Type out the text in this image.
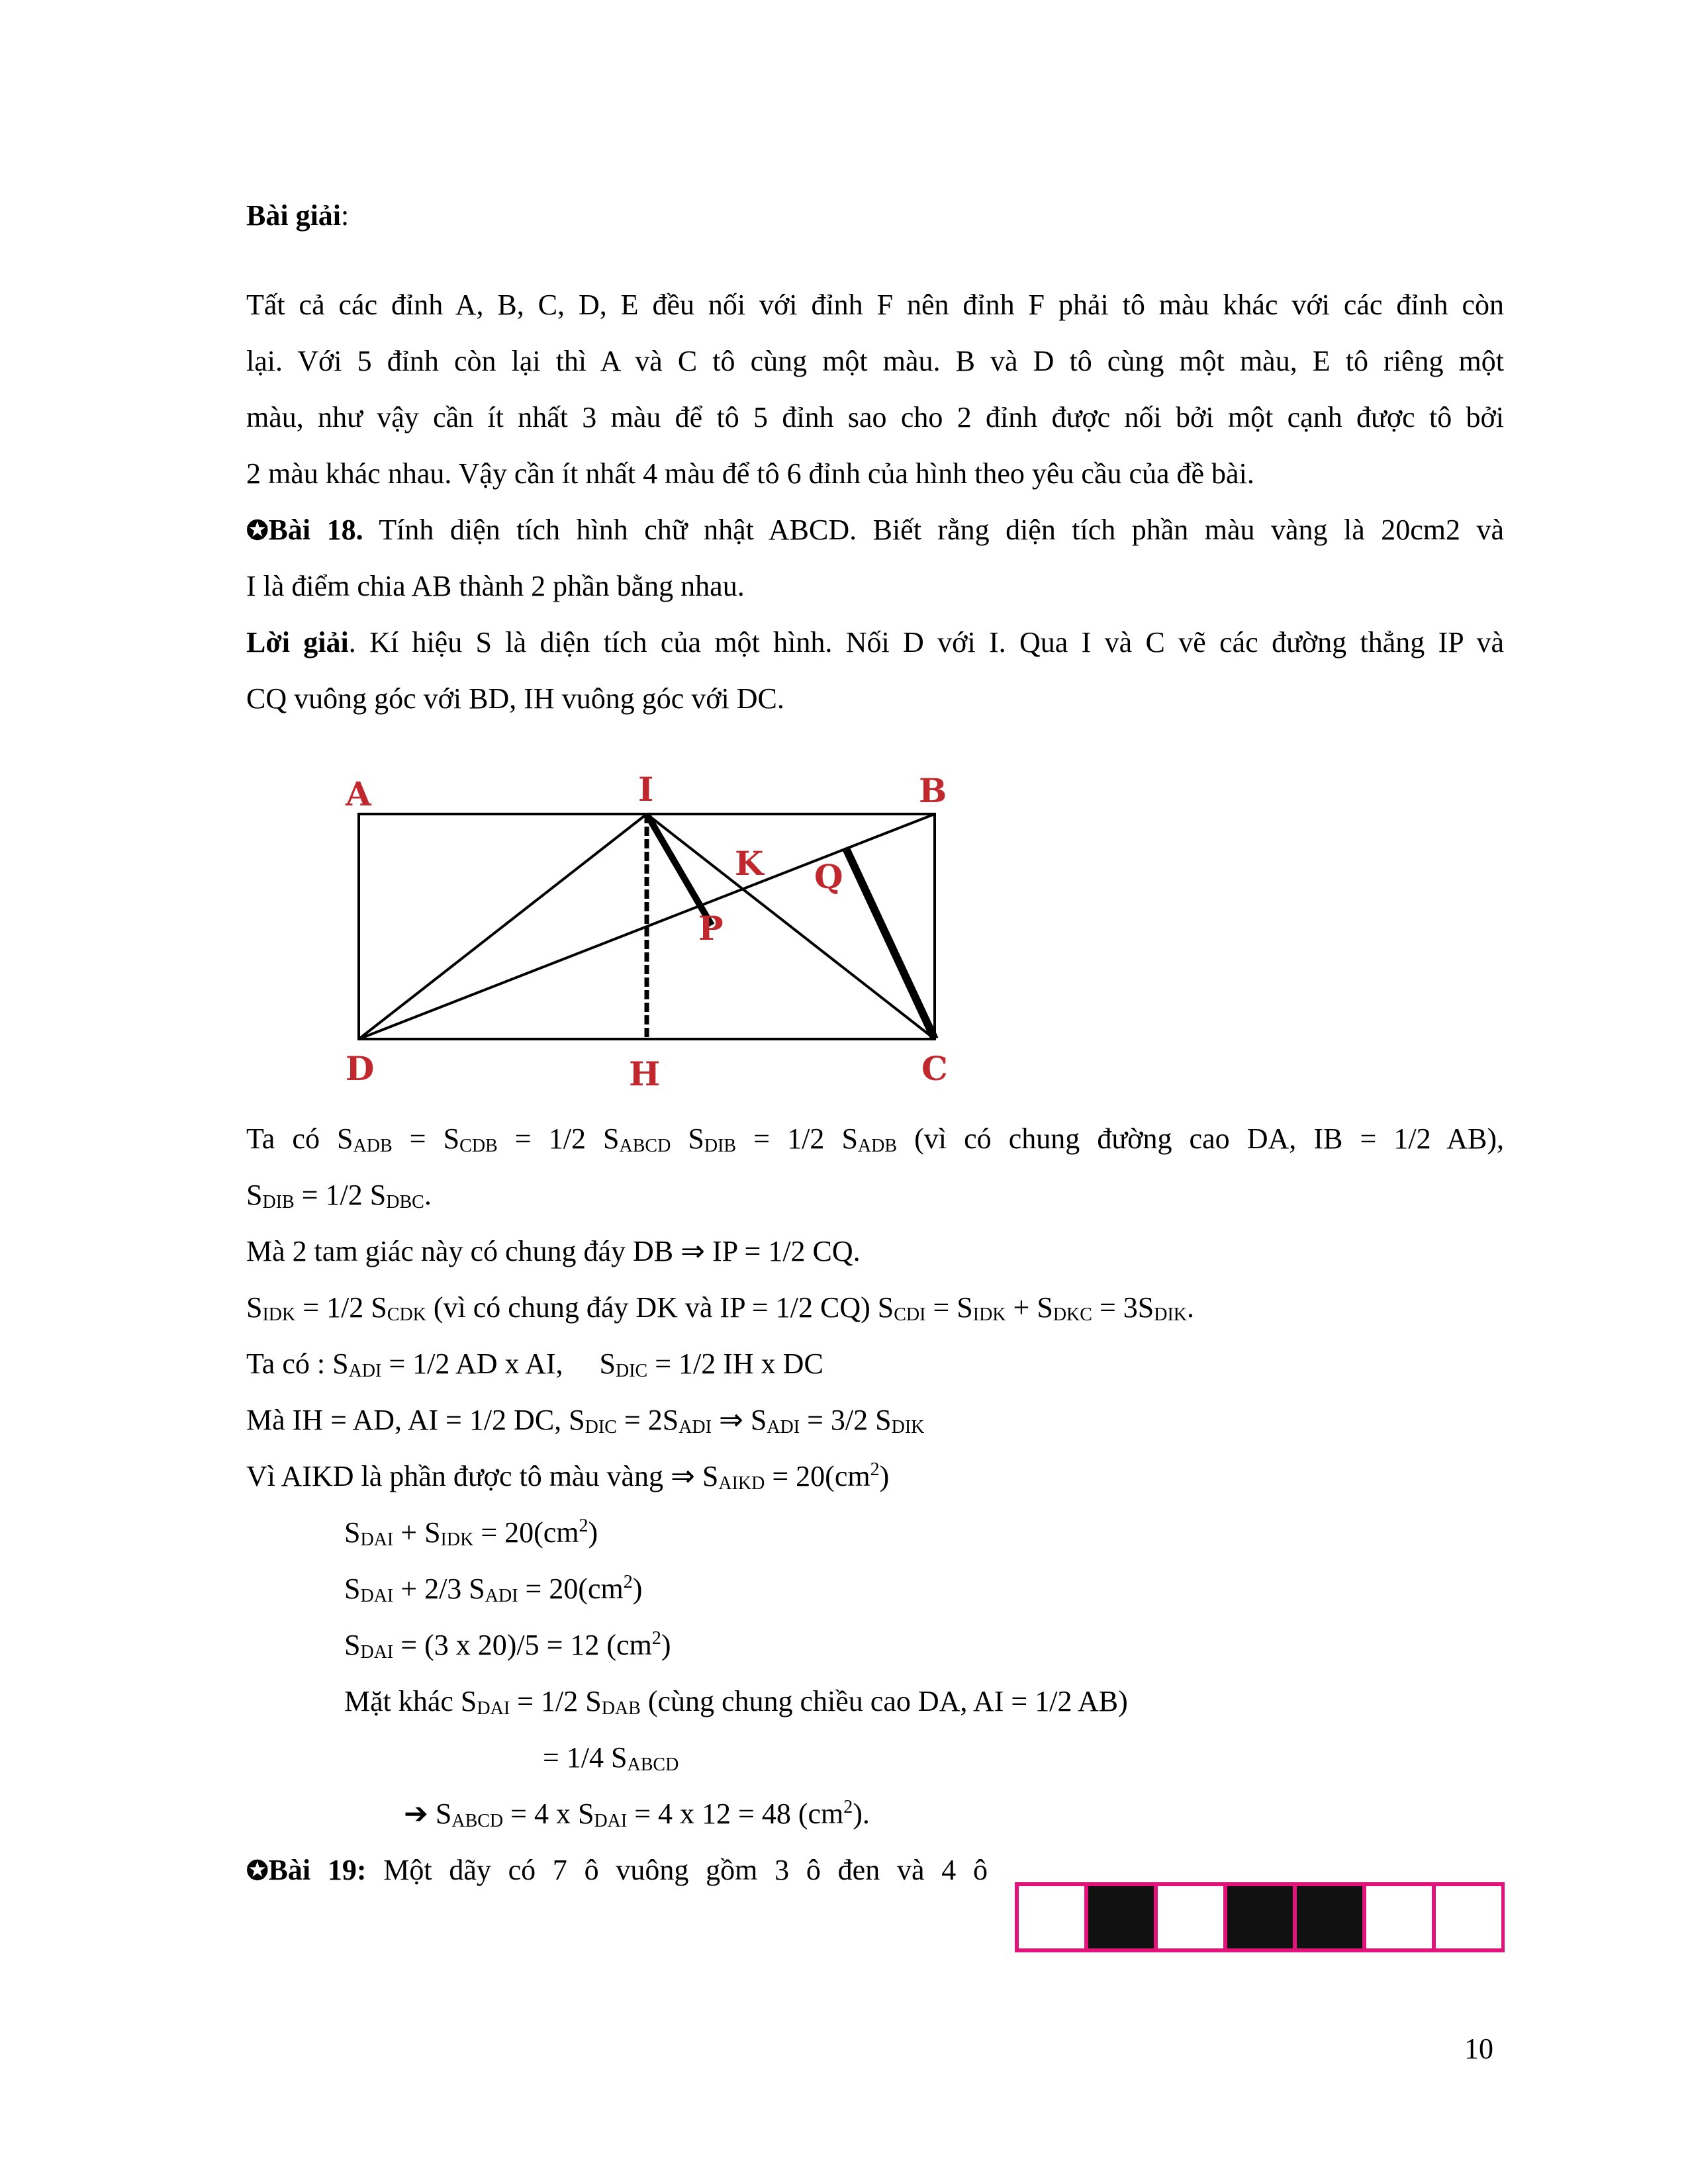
Bài giải:
Tất cả các đỉnh A, B, C, D, E đều nối với đỉnh F nên đỉnh F phải tô màu khác với các đỉnh còn
lại. Với 5 đỉnh còn lại thì A và C tô cùng một màu. B và D tô cùng một màu, E tô riêng một
màu, như vậy cần ít nhất 3 màu để tô 5 đỉnh sao cho 2 đỉnh được nối bởi một cạnh được tô bởi
2 màu khác nhau. Vậy cần ít nhất 4 màu để tô 6 đỉnh của hình theo yêu cầu của đề bài.
✪Bài 18. Tính diện tích hình chữ nhật ABCD. Biết rằng diện tích phần màu vàng là 20cm2 và
I là điểm chia AB thành 2 phần bằng nhau.
Lời giải. Kí hiệu S là diện tích của một hình. Nối D với I. Qua I và C vẽ các đường thẳng IP và
CQ vuông góc với BD, IH vuông góc với DC.
A	I	B
K Q
P
D	H	C
Ta có $S_{ADB} = S_{CDB} = 1/2$ $S_{ABCD}$ $S_{DIB} = 1/2$ $S_{ADB}$ (vì có chung đường cao DA, IB = 1/2 AB),
$S_{DIB} = 1/2$ $S_{DBC}$.
Mà 2 tam giác này có chung đáy DB ⇒ IP = 1/2 CQ.
$S_{IDK} = 1/2$ $S_{CDK}$ (vì có chung đáy DK và IP = 1/2 CQ) $S_{CDI} = S_{IDK} + S_{DKC} = 3S_{DIK}$.
Ta có : $S_{ADI} = 1/2$ AD x AI,     $S_{DIC} = 1/2$ IH x DC
Mà IH = AD, AI = 1/2 DC, $S_{DIC} = 2S_{ADI}$ ⇒ $S_{ADI} = 3/2$ $S_{DIK}$
Vì AIKD là phần được tô màu vàng ⇒ $S_{AIKD} = 20(cm^2)$
$S_{DAI} + S_{IDK} = 20(cm^2)$
$S_{DAI} + 2/3$ $S_{ADI} = 20(cm^2)$
$S_{DAI} = (3$ x 20)/5 = 12 $(cm^2)$
Mặt khác $S_{DAI} = 1/2$ $S_{DAB}$ (cùng chung chiều cao DA, AI = 1/2 AB)
= 1/4 $S_{ABCD}$
➔ $S_{ABCD} = 4$ x $S_{DAI} = 4$ x 12 = 48 $(cm^2)$.
✪Bài 19: Một dãy có 7 ô vuông gồm 3 ô đen và 4 ô
10
